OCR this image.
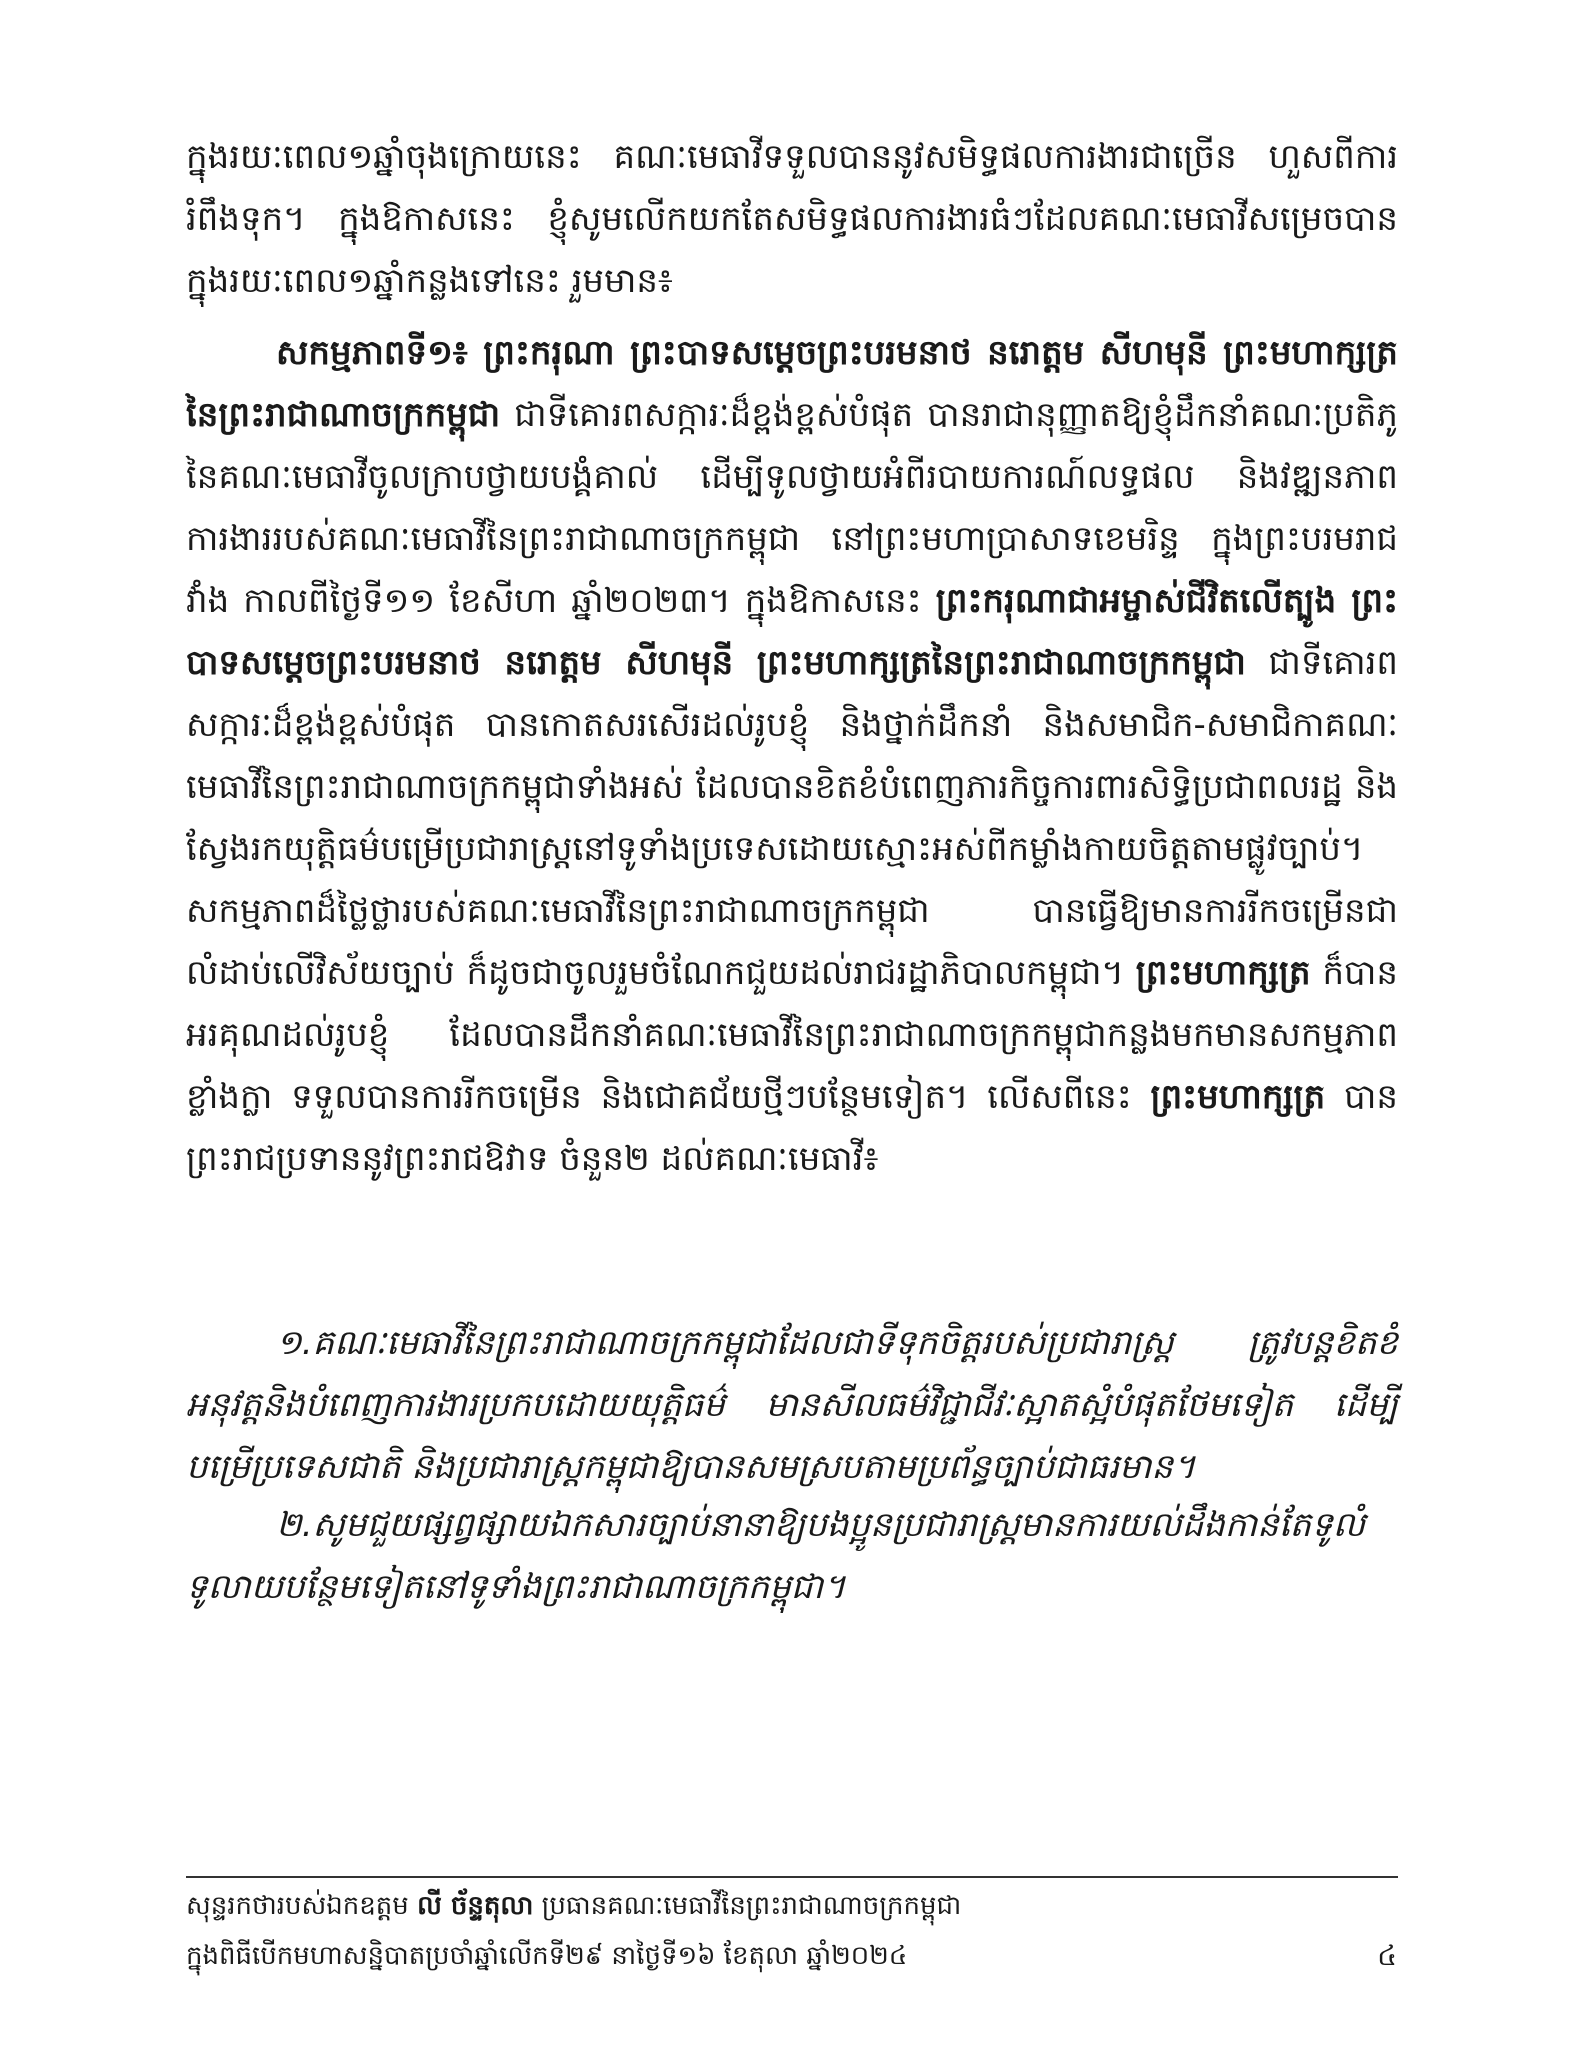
ក្នុងរយៈពេល១ឆ្នាំចុងក្រោយនេះ គណៈមេធាវីទទួលបាននូវសមិទ្ធផលការងារជាច្រើន ហួសពីការរំពឹងទុក។ ក្នុងឱកាសនេះ ខ្ញុំសូមលើកយកតែសមិទ្ធផលការងារធំៗដែលគណៈមេធាវីសម្រេចបានក្នុងរយៈពេល១ឆ្នាំកន្លងទៅនេះ រួមមាន៖

សកម្មភាពទី១៖ ព្រះករុណា ព្រះបាទសម្តេចព្រះបរមនាថ នរោត្តម សីហមុនី ព្រះមហាក្សត្រនៃព្រះរាជាណាចក្រកម្ពុជា ជាទីគោរពសក្ការៈដ៏ខ្ពង់ខ្ពស់បំផុត បានរាជានុញ្ញាតឱ្យខ្ញុំដឹកនាំគណៈប្រតិភូនៃគណៈមេធាវីចូលក្រាបថ្វាយបង្គំគាល់ ដើម្បីទូលថ្វាយអំពីរបាយការណ៍លទ្ធផល និងវឌ្ឍនភាពការងាររបស់គណៈមេធាវីនៃព្រះរាជាណាចក្រកម្ពុជា នៅព្រះមហាប្រាសាទខេមរិន្ទ ក្នុងព្រះបរមរាជវាំង កាលពីថ្ងៃទី១១ ខែសីហា ឆ្នាំ២០២៣។ ក្នុងឱកាសនេះ ព្រះករុណាជាអម្ចាស់ជីវិតលើត្បូង ព្រះបាទសម្តេចព្រះបរមនាថ នរោត្តម សីហមុនី ព្រះមហាក្សត្រនៃព្រះរាជាណាចក្រកម្ពុជា ជាទីគោរពសក្ការៈដ៏ខ្ពង់ខ្ពស់បំផុត បានកោតសរសើរដល់រូបខ្ញុំ និងថ្នាក់ដឹកនាំ និងសមាជិក-សមាជិកាគណៈមេធាវីនៃព្រះរាជាណាចក្រកម្ពុជាទាំងអស់ ដែលបានខិតខំបំពេញភារកិច្ចការពារសិទ្ធិប្រជាពលរដ្ឋ និងស្វែងរកយុត្តិធម៌បម្រើប្រជារាស្ត្រនៅទូទាំងប្រទេសដោយស្មោះអស់ពីកម្លាំងកាយចិត្តតាមផ្លូវច្បាប់។ សកម្មភាពដ៏ថ្លៃថ្លារបស់គណៈមេធាវីនៃព្រះរាជាណាចក្រកម្ពុជា បានធ្វើឱ្យមានការរីកចម្រើនជាលំដាប់លើវិស័យច្បាប់ ក៏ដូចជាចូលរួមចំណែកជួយដល់រាជរដ្ឋាភិបាលកម្ពុជា។ ព្រះមហាក្សត្រ ក៏បានអរគុណដល់រូបខ្ញុំ ដែលបានដឹកនាំគណៈមេធាវីនៃព្រះរាជាណាចក្រកម្ពុជាកន្លងមកមានសកម្មភាពខ្លាំងក្លា ទទួលបានការរីកចម្រើន និងជោគជ័យថ្មីៗបន្ថែមទៀត។ លើសពីនេះ ព្រះមហាក្សត្រ បានព្រះរាជប្រទាននូវព្រះរាជឱវាទ ចំនួន២ ដល់គណៈមេធាវី៖

១.គណៈមេធាវីនៃព្រះរាជាណាចក្រកម្ពុជាដែលជាទីទុកចិត្តរបស់ប្រជារាស្ត្រ ត្រូវបន្តខិតខំអនុវត្តនិងបំពេញការងារប្រកបដោយយុត្តិធម៌ មានសីលធម៌វិជ្ជាជីវៈស្អាតស្អំបំផុតថែមទៀត ដើម្បីបម្រើប្រទេសជាតិ និងប្រជារាស្ត្រកម្ពុជាឱ្យបានសមស្របតាមប្រព័ន្ធច្បាប់ជាធរមាន។

២.សូមជួយផ្សព្វផ្សាយឯកសារច្បាប់នានាឱ្យបងប្អូនប្រជារាស្ត្រមានការយល់ដឹងកាន់តែទូលំទូលាយបន្ថែមទៀតនៅទូទាំងព្រះរាជាណាចក្រកម្ពុជា។

សុន្ទរកថារបស់ឯកឧត្តម លី ច័ន្ទតុលា ប្រធានគណៈមេធាវីនៃព្រះរាជាណាចក្រកម្ពុជា
ក្នុងពិធីបើកមហាសន្និបាតប្រចាំឆ្នាំលើកទី២៩ នាថ្ងៃទី១៦ ខែតុលា ឆ្នាំ២០២៤	៤
